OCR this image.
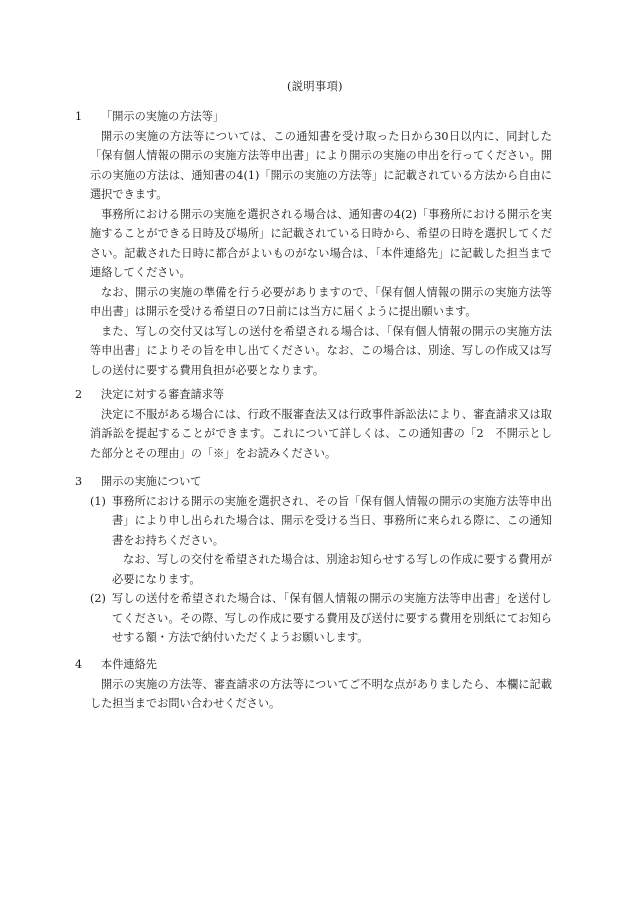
(説明事項)
1 「開示の実施の方法等」

開示の実施の方法等については、この通知書を受け取った日から30日以内に、同封した「保有個人情報の開示の実施方法等申出書」により開示の実施の申出を行ってください。開示の実施の方法は、通知書の4(1)「開示の実施の方法等」に記載されている方法から自由に選択できます。

事務所における開示の実施を選択される場合は、通知書の4(2)「事務所における開示を実施することができる日時及び場所」に記載されている日時から、希望の日時を選択してください。記載された日時に都合がよいものがない場合は、「本件連絡先」に記載した担当まで連絡してください。

なお、開示の実施の準備を行う必要がありますので、「保有個人情報の開示の実施方法等申出書」は開示を受ける希望日の7日前には当方に届くように提出願います。

また、写しの交付又は写しの送付を希望される場合は、「保有個人情報の開示の実施方法等申出書」によりその旨を申し出てください。なお、この場合は、別途、写しの作成又は写しの送付に要する費用負担が必要となります。

2 決定に対する審査請求等

決定に不服がある場合には、行政不服審査法又は行政事件訴訟法により、審査請求又は取消訴訟を提起することができます。これについて詳しくは、この通知書の「2　不開示とした部分とその理由」の「※」をお読みください。

3 開示の実施について
(1) 事務所における開示の実施を選択され、その旨「保有個人情報の開示の実施方法等申出書」により申し出られた場合は、開示を受ける当日、事務所に来られる際に、この通知書をお持ちください。

なお、写しの交付を希望された場合は、別途お知らせする写しの作成に要する費用が必要になります。

(2) 写しの送付を希望された場合は、「保有個人情報の開示の実施方法等申出書」を送付してください。その際、写しの作成に要する費用及び送付に要する費用を別紙にてお知らせする額・方法で納付いただくようお願いします。
4 本件連絡先

開示の実施の方法等、審査請求の方法等についてご不明な点がありましたら、本欄に記載した担当までお問い合わせください。
